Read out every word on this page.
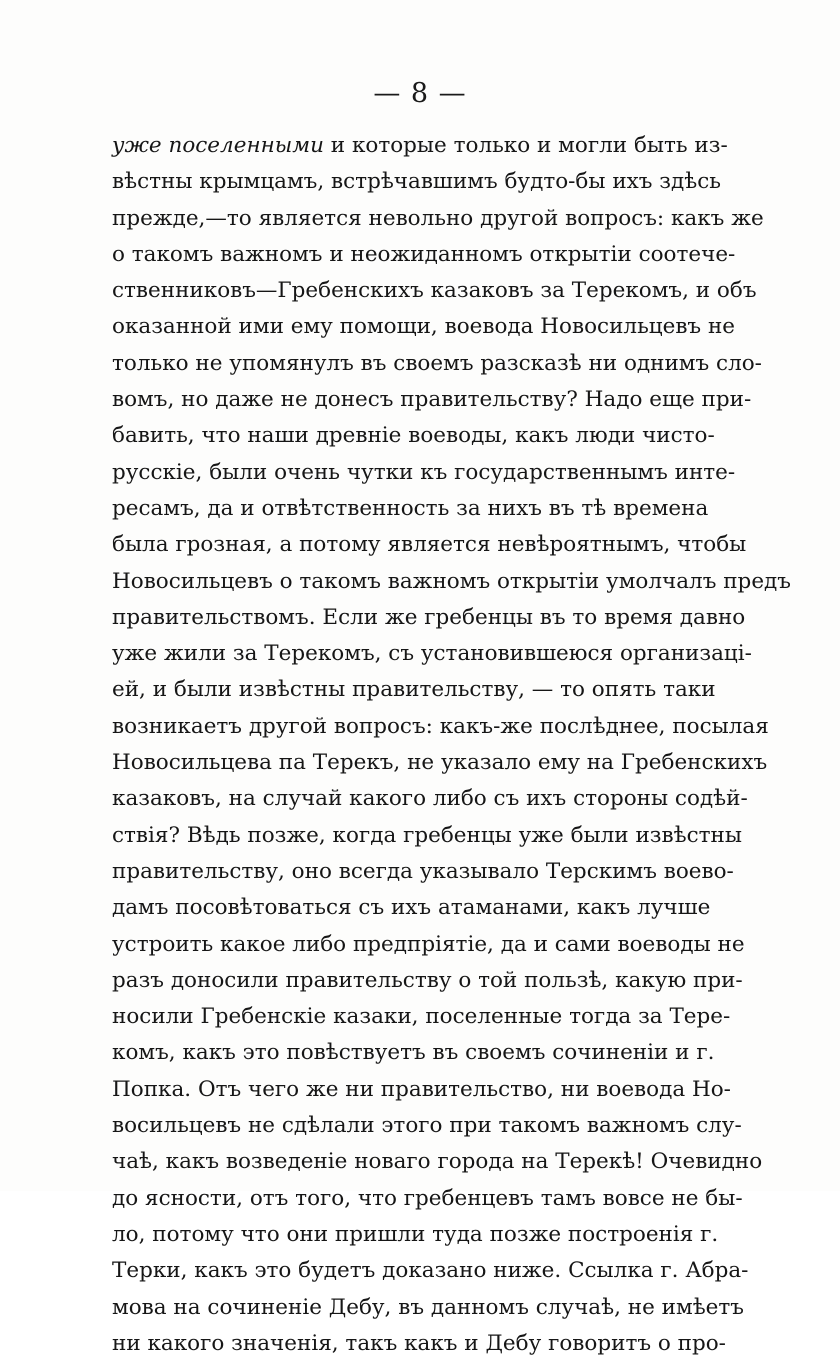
— 8 —
уже поселенными и которые только и могли быть из-
вѣстны крымцамъ, встрѣчавшимъ будто-бы ихъ здѣсь
прежде,—то является невольно другой вопросъ: какъ же
о такомъ важномъ и неожиданномъ открытіи соотече-
ственниковъ—Гребенскихъ казаковъ за Терекомъ, и объ
оказанной ими ему помощи, воевода Новосильцевъ не
только не упомянулъ въ своемъ разсказѣ ни однимъ сло-
вомъ, но даже не донесъ правительству? Надо еще при-
бавить, что наши древніе воеводы, какъ люди чисто-
русскіе, были очень чутки къ государственнымъ инте-
ресамъ, да и отвѣтственность за нихъ въ тѣ времена
была грозная, а потому является невѣроятнымъ, чтобы
Новосильцевъ о такомъ важномъ открытіи умолчалъ предъ
правительствомъ. Если же гребенцы въ то время давно
уже жили за Терекомъ, съ установившеюся организаці-
ей, и были извѣстны правительству, — то опять таки
возникаетъ другой вопросъ: какъ-же послѣднее, посылая
Новосильцева па Терекъ, не указало ему на Гребенскихъ
казаковъ, на случай какого либо съ ихъ стороны содѣй-
ствія? Вѣдь позже, когда гребенцы уже были извѣстны
правительству, оно всегда указывало Терскимъ воево-
дамъ посовѣтоваться съ ихъ атаманами, какъ лучше
устроить какое либо предпріятіе, да и сами воеводы не
разъ доносили правительству о той пользѣ, какую при-
носили Гребенскіе казаки, поселенные тогда за Тере-
комъ, какъ это повѣствуетъ въ своемъ сочиненіи и г.
Попка. Отъ чего же ни правительство, ни воевода Но-
восильцевъ не сдѣлали этого при такомъ важномъ слу-
чаѣ, какъ возведеніе новаго города на Терекѣ! Очевидно
до ясности, отъ того, что гребенцевъ тамъ вовсе не бы-
ло, потому что они пришли туда позже построенія г.
Терки, какъ это будетъ доказано ниже. Ссылка г. Абра-
мова на сочиненіе Дебу, въ данномъ случаѣ, не имѣетъ
ни какого значенія, такъ какъ и Дебу говоритъ о про-
